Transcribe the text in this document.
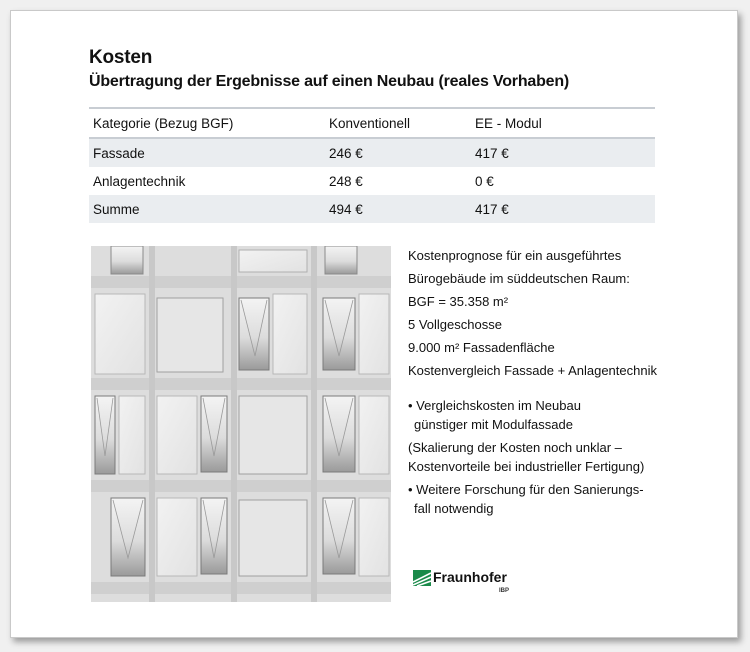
Kosten
Übertragung der Ergebnisse auf einen Neubau (reales Vorhaben)
Kategorie (Bezug BGF)	Konventionell	EE - Modul
Fassade	246 €	417 €
Anlagentechnik	248 €	0 €
Summe	494 €	417 €
Kostenprognose für ein ausgeführtes
Bürogebäude im süddeutschen Raum:
BGF = 35.358 m²
5 Vollgeschosse
9.000 m² Fassadenfläche
Kostenvergleich Fassade + Anlagentechnik
• Vergleichskosten im Neubau
günstiger mit Modulfassade
(Skalierung der Kosten noch unklar –
Kostenvorteile bei industrieller Fertigung)
• Weitere Forschung für den Sanierungs-
fall notwendig
Fraunhofer
IBP
